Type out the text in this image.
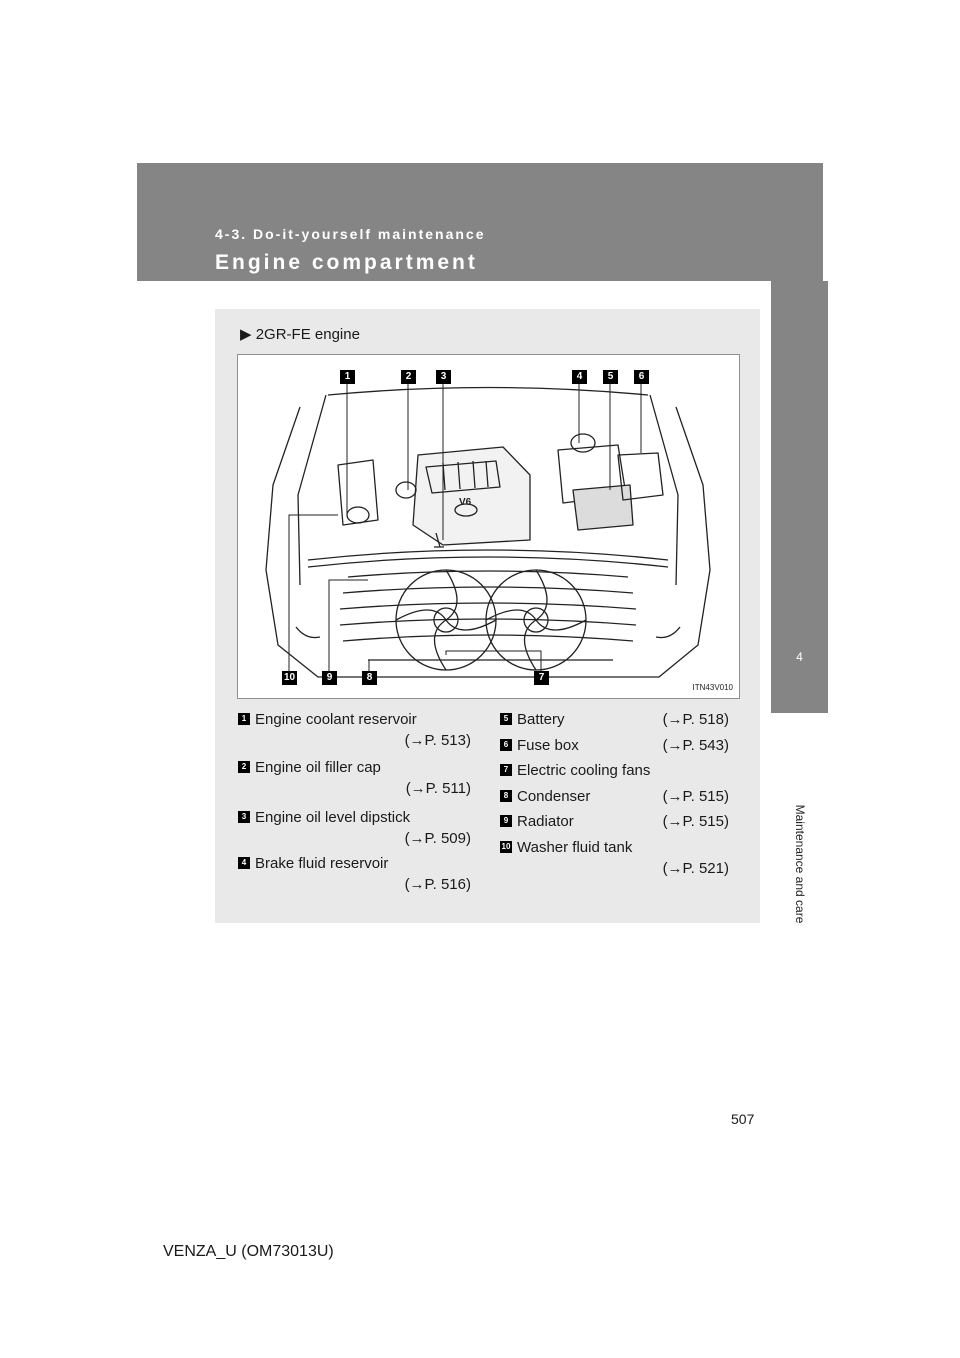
4-3. Do-it-yourself maintenance
Engine compartment
4
Maintenance and care
▶ 2GR-FE engine
V6
1	2	3	4	5	6
10	9	8	7
ITN43V010
1 Engine coolant reservoir
(→P. 513)
2 Engine oil filler cap
(→P. 511)
3 Engine oil level dipstick
(→P. 509)
4 Brake fluid reservoir
(→P. 516)
5 Battery	(→P. 518)
6 Fuse box	(→P. 543)
7 Electric cooling fans
8 Condenser	(→P. 515)
9 Radiator	(→P. 515)
10 Washer fluid tank
(→P. 521)
507
VENZA_U (OM73013U)
